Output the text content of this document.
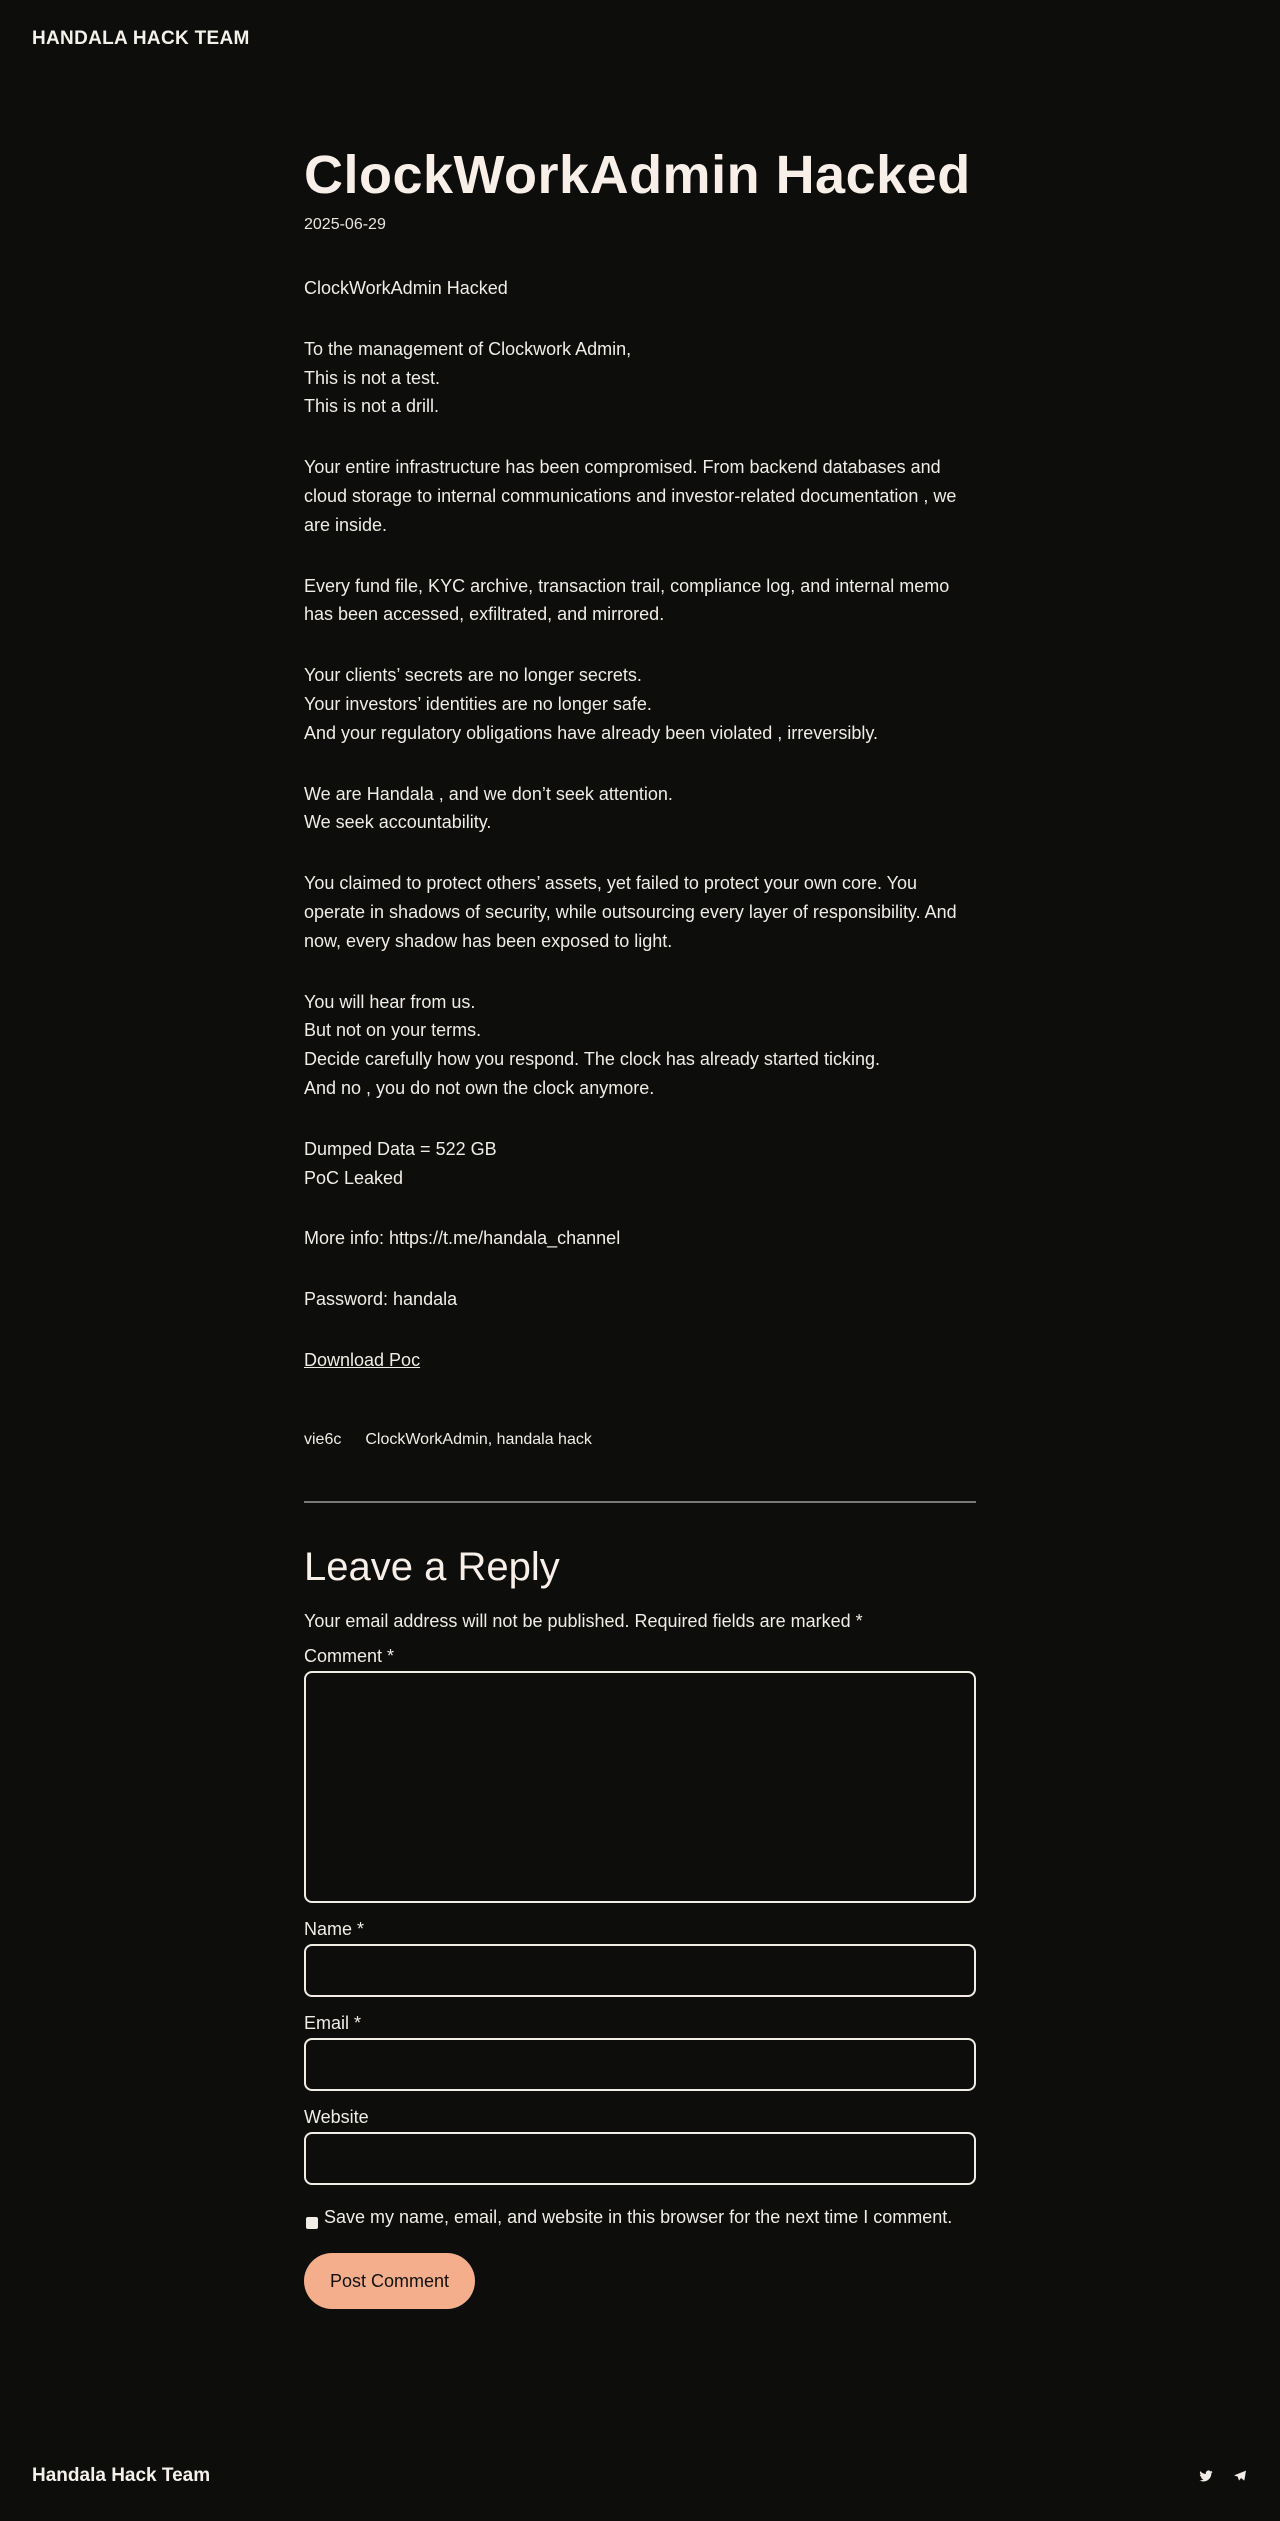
HANDALA HACK TEAM
ClockWorkAdmin Hacked
2025-06-29

ClockWorkAdmin Hacked

To the management of Clockwork Admin,
This is not a test.
This is not a drill.

Your entire infrastructure has been compromised. From backend databases and cloud storage to internal communications and investor-related documentation , we are inside.

Every fund file, KYC archive, transaction trail, compliance log, and internal memo has been accessed, exfiltrated, and mirrored.

Your clients’ secrets are no longer secrets.
Your investors’ identities are no longer safe.
And your regulatory obligations have already been violated , irreversibly.

We are Handala , and we don’t seek attention.
We seek accountability.

You claimed to protect others’ assets, yet failed to protect your own core. You operate in shadows of security, while outsourcing every layer of responsibility. And now, every shadow has been exposed to light.

You will hear from us.
But not on your terms.
Decide carefully how you respond. The clock has already started ticking.
And no , you do not own the clock anymore.

Dumped Data = 522 GB
PoC Leaked

More info: https://t.me/handala_channel

Password: handala

Download Poc

vie6c ClockWorkAdmin, handala hack
Leave a Reply
Your email address will not be published. Required fields are marked *
Comment *
Name *
Email *
Website
Save my name, email, and website in this browser for the next time I comment.
Post Comment
Handala Hack Team
